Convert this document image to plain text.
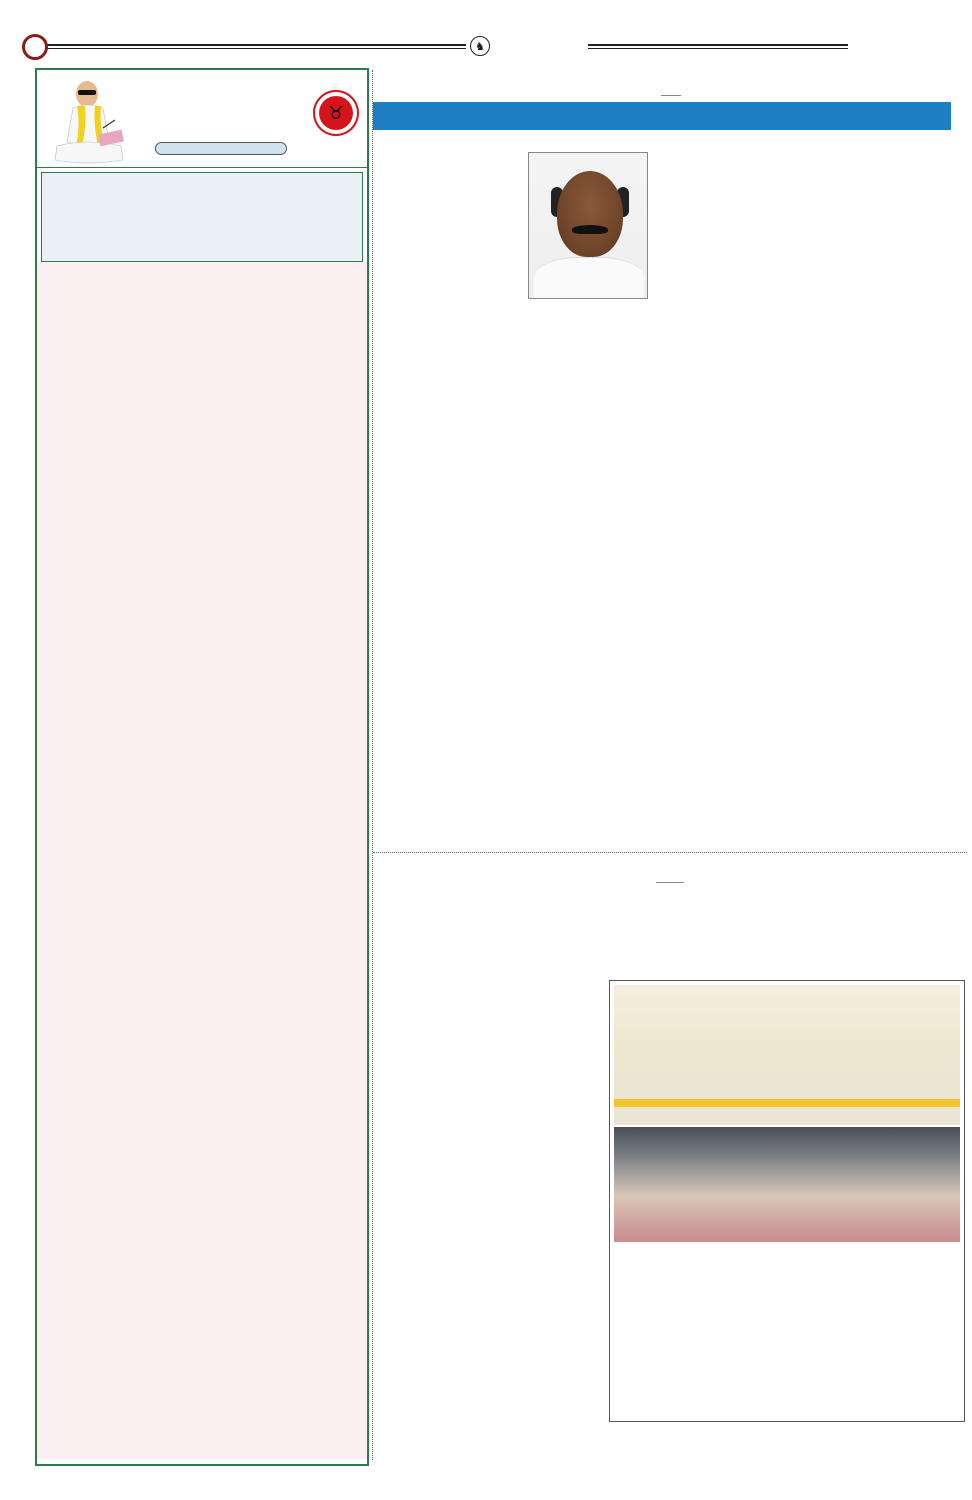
♞
♉
